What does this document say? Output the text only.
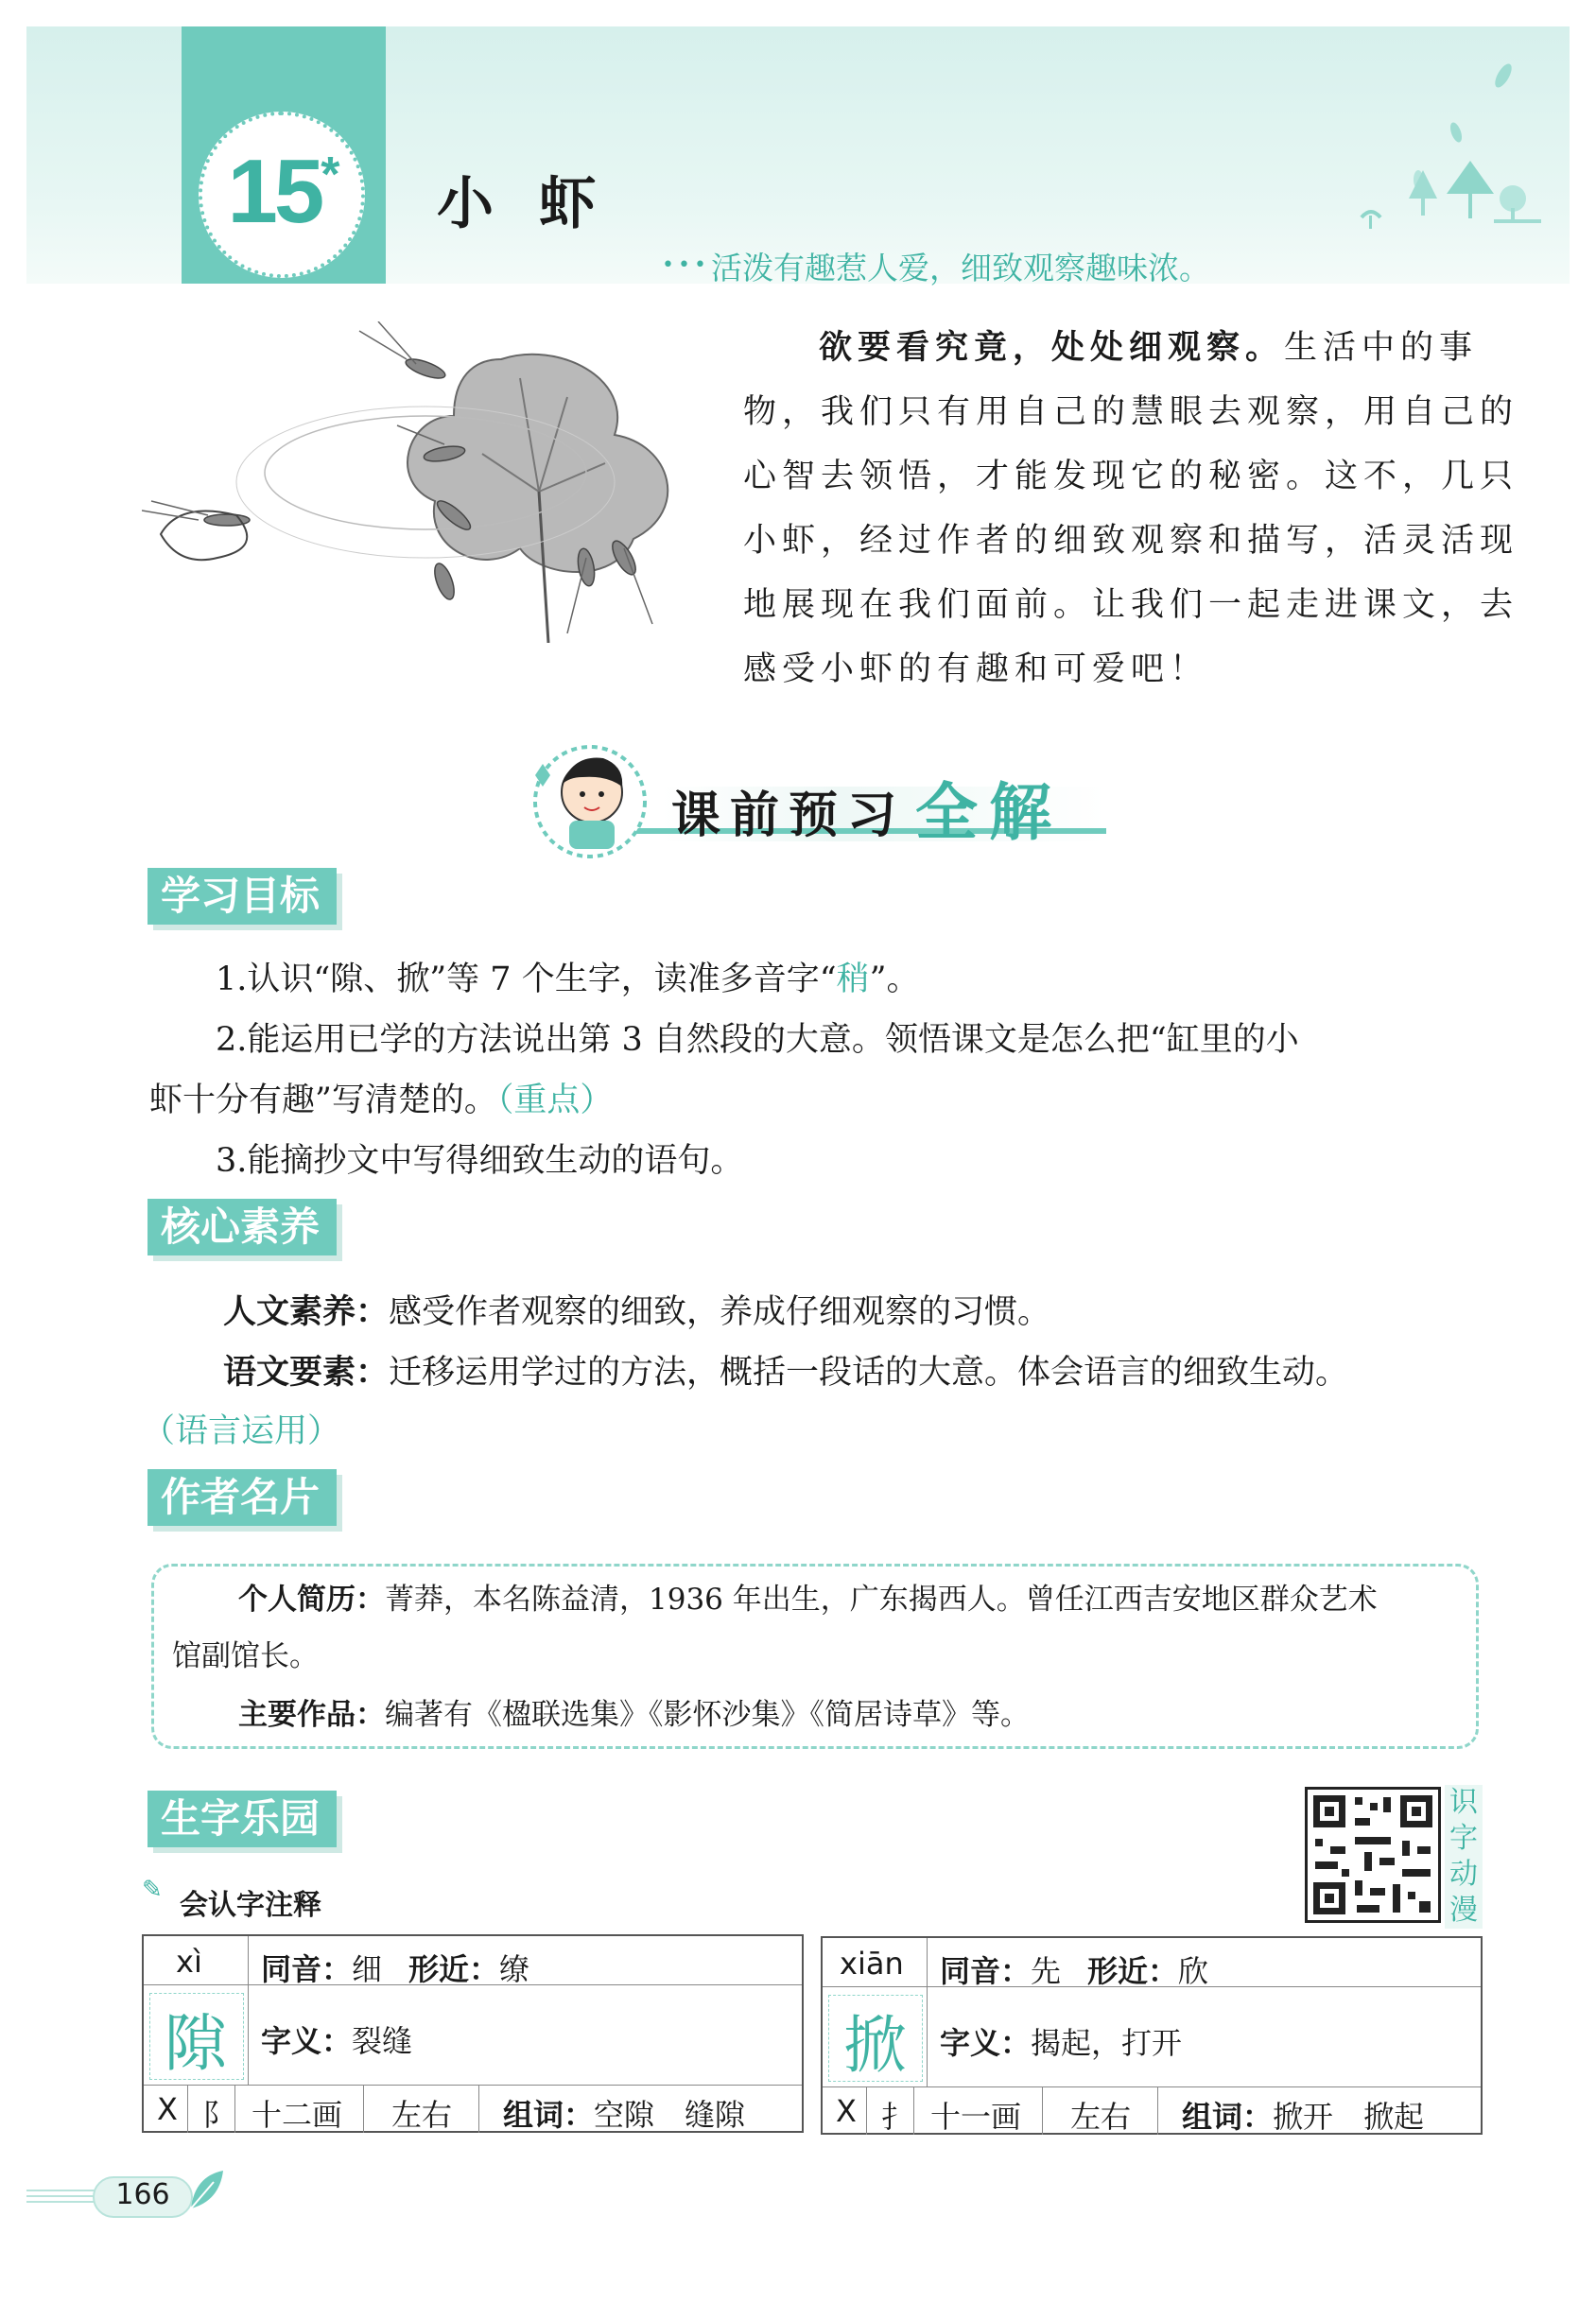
15*	小虾
••• 活泼有趣惹人爱，细致观察趣味浓。
欲要看究竟，处处细观察。生活中的事
物，我们只有用自己的慧眼去观察，用自己的
心智去领悟，才能发现它的秘密。这不，几只
小虾，经过作者的细致观察和描写，活灵活现
地展现在我们面前。让我们一起走进课文，去
感受小虾的有趣和可爱吧！
课前预习 全解
学习目标
1.认识“隙、掀”等 7 个生字，读准多音字“稍”。
2.能运用已学的方法说出第 3 自然段的大意。领悟课文是怎么把“缸里的小
虾十分有趣”写清楚的。（重点）
3.能摘抄文中写得细致生动的语句。
核心素养
人文素养：感受作者观察的细致，养成仔细观察的习惯。
语文要素：迁移运用学过的方法，概括一段话的大意。体会语言的细致生动。
（语言运用）
作者名片
个人简历：菁莽，本名陈益清，1936 年出生，广东揭西人。曾任江西吉安地区群众艺术
馆副馆长。
主要作品：编著有《楹联选集》《影怀沙集》《简居诗草》等。
生字乐园	识
字
动
漫
✎ 会认字注释
xì
隙
同音：细 形近：缭
字义：裂缝
X 阝 十二画 左右 组词：空隙　缝隙
xiān
掀
同音：先 形近：欣
字义：揭起，打开
X 扌 十一画 左右 组词：掀开　掀起
166
